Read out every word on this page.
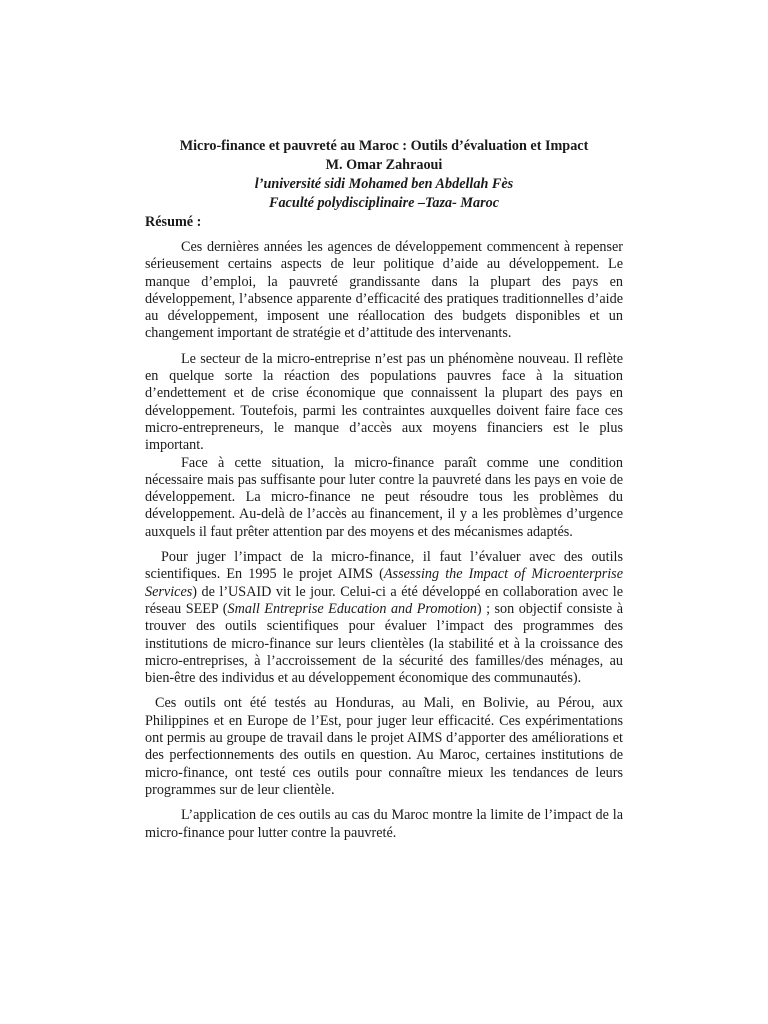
Micro-finance et pauvreté au Maroc : Outils d’évaluation et Impact

M. Omar Zahraoui

l’université sidi Mohamed ben Abdellah Fès

Faculté polydisciplinaire –Taza- Maroc

Résumé :

Ces dernières années les agences de développement commencent à repenser sérieusement certains aspects de leur politique d’aide au développement. Le manque d’emploi, la pauvreté grandissante dans la plupart des pays en développement, l’absence apparente d’efficacité des pratiques traditionnelles d’aide au développement, imposent une réallocation des budgets disponibles et un changement important de stratégie et d’attitude des intervenants.

Le secteur de la micro-entreprise n’est pas un phénomène nouveau. Il reflète en quelque sorte la réaction des populations pauvres face à la situation d’endettement et de crise économique que connaissent la plupart des pays en développement. Toutefois, parmi les contraintes auxquelles doivent faire face ces micro-entrepreneurs, le manque d’accès aux moyens financiers est le plus important.

Face à cette situation, la micro-finance paraît comme une condition nécessaire mais pas suffisante pour luter contre la pauvreté dans les pays en voie de développement. La micro-finance ne peut résoudre tous les problèmes du développement. Au-delà de l’accès au financement, il y a les problèmes d’urgence auxquels il faut prêter attention par des moyens et des mécanismes adaptés.

Pour juger l’impact de la micro-finance, il faut l’évaluer avec des outils scientifiques. En 1995 le projet AIMS (Assessing the Impact of Microenterprise Services) de l’USAID vit le jour. Celui-ci a été développé en collaboration avec le réseau SEEP (Small Entreprise Education and Promotion) ; son objectif consiste à trouver des outils scientifiques pour évaluer l’impact des programmes des institutions de micro-finance sur leurs clientèles (la stabilité et à la croissance des micro-entreprises, à l’accroissement de la sécurité des familles/des ménages, au bien-être des individus et au développement économique des communautés).

Ces outils ont été testés au Honduras, au Mali, en Bolivie, au Pérou, aux Philippines et en Europe de l’Est, pour juger leur efficacité. Ces expérimentations ont permis au groupe de travail dans le projet AIMS d’apporter des améliorations et des perfectionnements des outils en question. Au Maroc, certaines institutions de micro-finance, ont testé ces outils pour connaître mieux les tendances de leurs programmes sur de leur clientèle.

L’application de ces outils au cas du Maroc montre la limite de l’impact de la micro-finance pour lutter contre la pauvreté.
